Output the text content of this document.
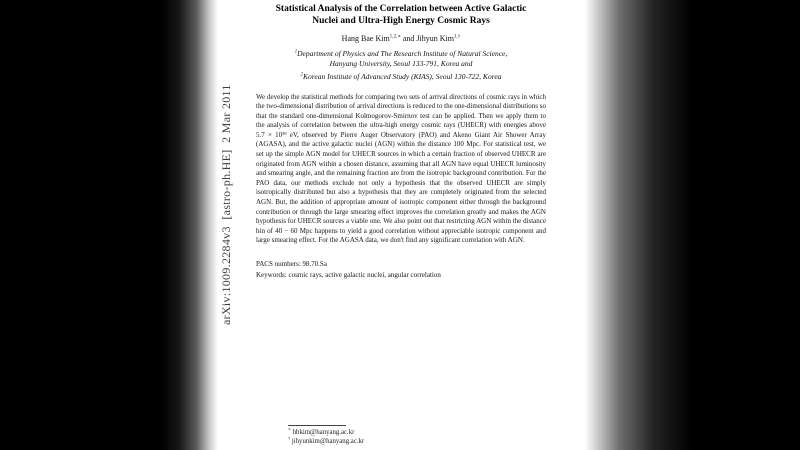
Statistical Analysis of the Correlation between Active Galactic
Nuclei and Ultra-High Energy Cosmic Rays
Hang Bae Kim$^{1,2,∗}$ and Jihyun Kim$^{1,\dagger}$
$^1$Department of Physics and The Research Institute of Natural Science,
Hanyang University, Seoul 133-791, Korea and
$^2$Korean Institute of Advanced Study (KIAS), Seoul 130-722, Korea

We develop the statistical methods for comparing two sets of arrival directions of cosmic rays in which the two-dimensional distribution of arrival directions is reduced to the one-dimensional distributions so that the standard one-dimensional Kolmogorov-Smirnov test can be applied. Then we apply them to the analysis of correlation between the ultra-high energy cosmic rays (UHECR) with energies above 5.7 × 10¹⁹ eV, observed by Pierre Auger Observatory (PAO) and Akeno Giant Air Shower Array (AGASA), and the active galactic nuclei (AGN) within the distance 100 Mpc. For statistical test, we set up the simple AGN model for UHECR sources in which a certain fraction of observed UHECR are originated from AGN within a chosen distance, assuming that all AGN have equal UHECR luminosity and smearing angle, and the remaining fraction are from the isotropic background contribution. For the PAO data, our methods exclude not only a hypothesis that the observed UHECR are simply isotropically distributed but also a hypothesis that they are completely originated from the selected AGN. But, the addition of appropriate amount of isotropic component either through the background contribution or through the large smearing effect improves the correlation greatly and makes the AGN hypothesis for UHECR sources a viable one. We also point out that restricting AGN within the distance bin of 40 − 60 Mpc happens to yield a good correlation without appreciable isotropic component and large smearing effect. For the AGASA data, we don't find any significant correlation with AGN.

PACS numbers: 98.70.Sa
Keywords: cosmic rays, active galactic nuclei, angular correlation
∗ hbkim@hanyang.ac.kr
† jihyunkim@hanyang.ac.kr
arXiv:1009.2284v3  [astro-ph.HE]  2 Mar 2011
